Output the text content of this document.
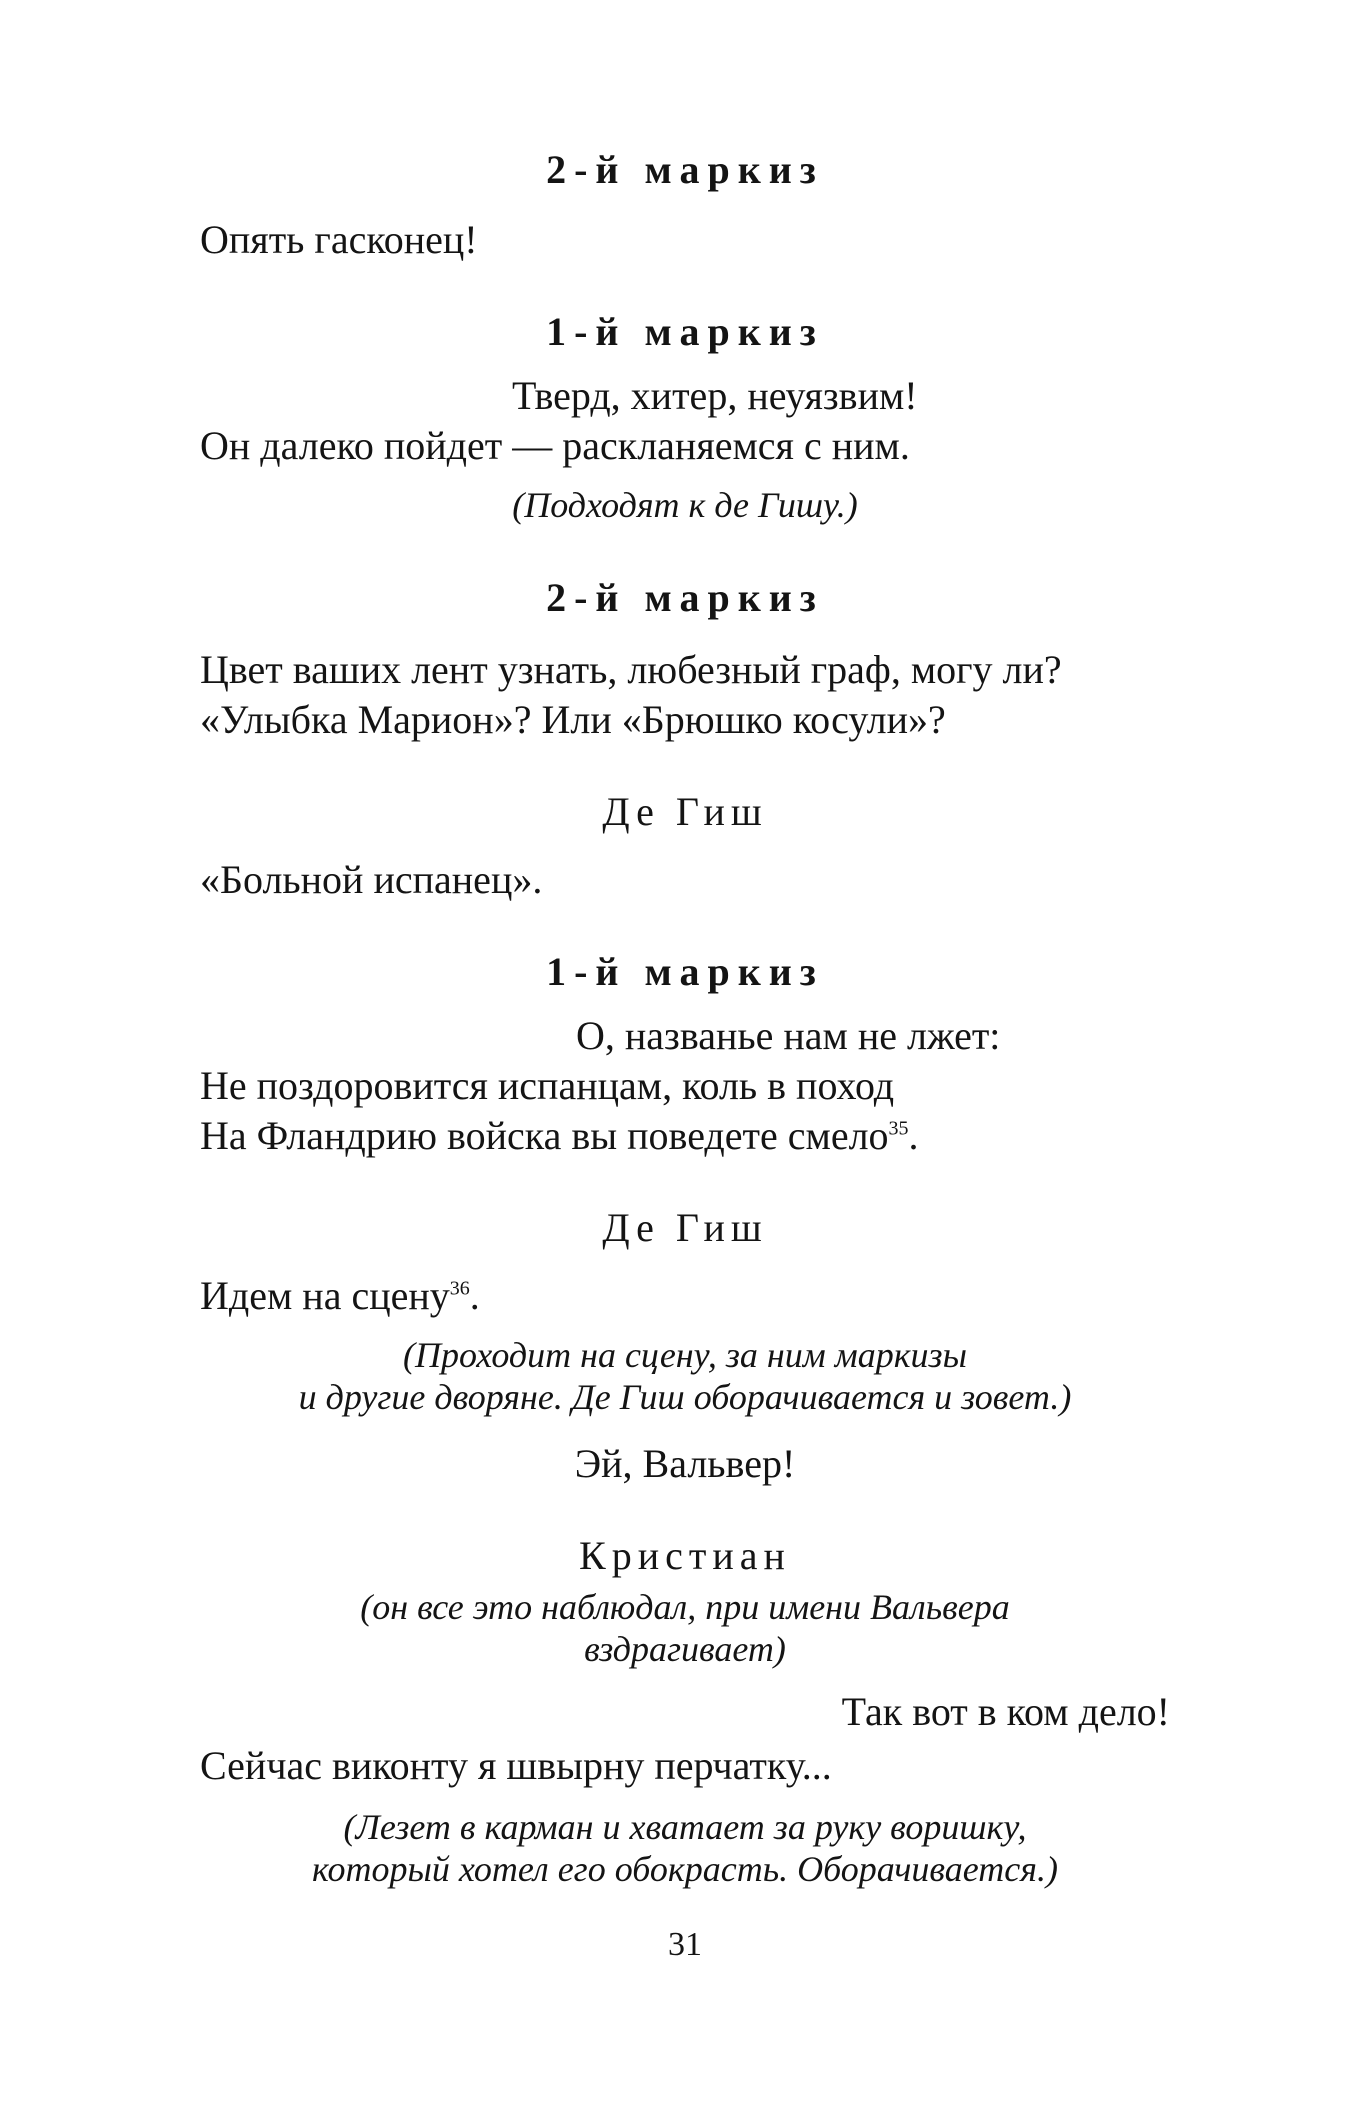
2-й маркиз
Опять гасконец!
1-й маркиз
Тверд, хитер, неуязвим!
Он далеко пойдет — раскланяемся с ним.
(Подходят к де Гишу.)
2-й маркиз
Цвет ваших лент узнать, любезный граф, могу ли?
«Улыбка Марион»? Или «Брюшко косули»?
Де Гиш
«Больной испанец».
1-й маркиз
О, названье нам не лжет:
Не поздоровится испанцам, коль в поход
На Фландрию войска вы поведете смело$^{35}$.
Де Гиш
Идем на сцену$^{36}$.
(Проходит на сцену, за ним маркизы
и другие дворяне. Де Гиш оборачивается и зовет.)
Эй, Вальвер!
Кристиан
(он все это наблюдал, при имени Вальвера
вздрагивает)
Так вот в ком дело!
Сейчас виконту я швырну перчатку...
(Лезет в карман и хватает за руку воришку,
который хотел его обокрасть. Оборачивается.)
31
